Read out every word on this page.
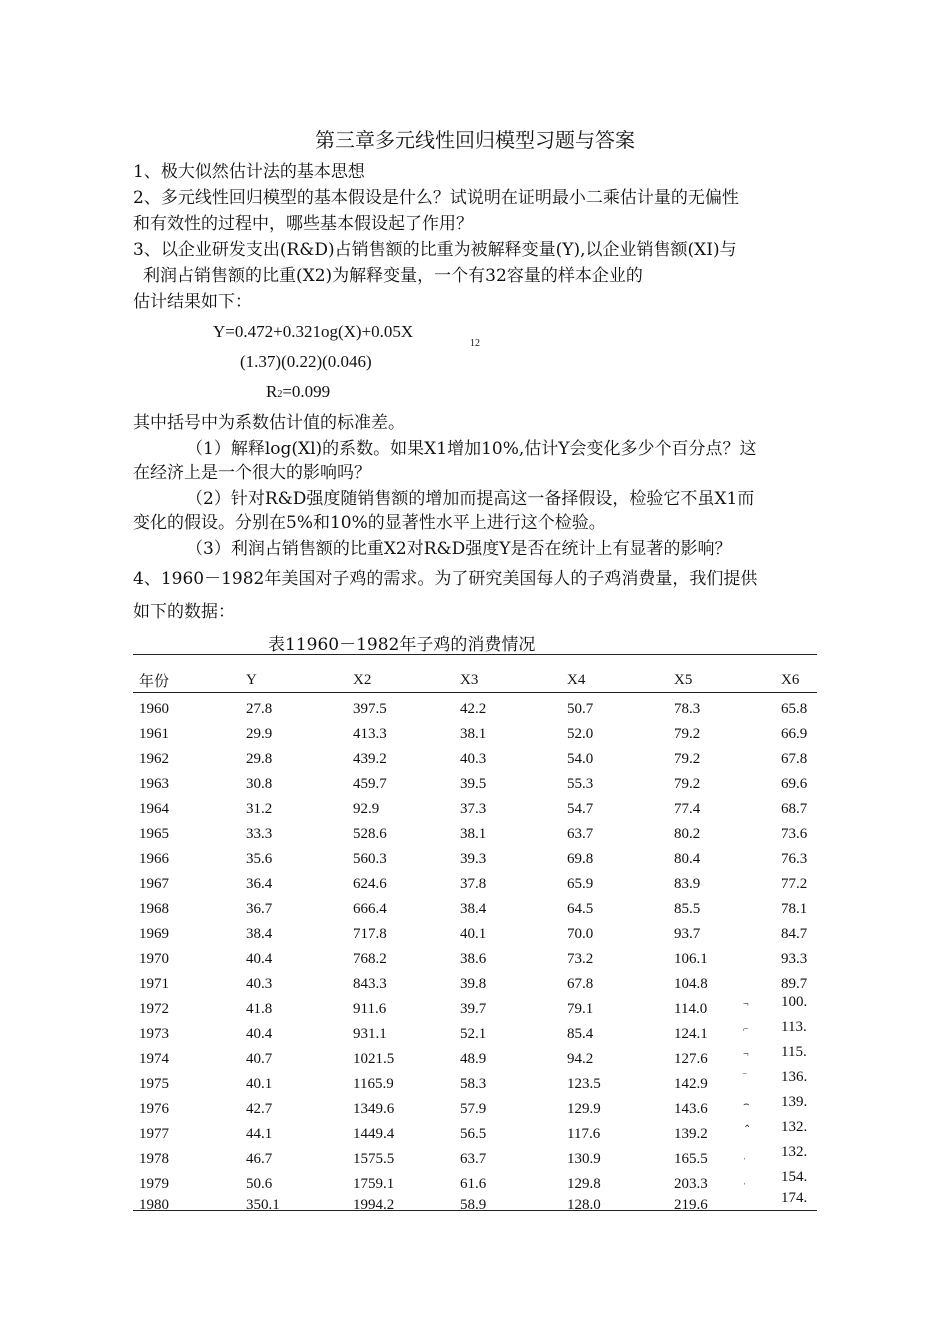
第三章多元线性回归模型习题与答案
1、极大似然估计法的基本思想
2、多元线性回归模型的基本假设是什么？试说明在证明最小二乘估计量的无偏性
和有效性的过程中，哪些基本假设起了作用？
3、以企业研发支出(R&D)占销售额的比重为被解释变量(Y),以企业销售额(XI)与
利润占销售额的比重(X2)为解释变量，一个有32容量的样本企业的
估计结果如下：
Y=0.472+0.321og(X)+0.05X
12
(1.37)(0.22)(0.046)
R2=0.099
其中括号中为系数估计值的标准差。
（1）解释log(Xl)的系数。如果X1增加10%,估计Y会变化多少个百分点？这
在经济上是一个很大的影响吗？
（2）针对R&D强度随销售额的增加而提高这一备择假设，检验它不虽X1而
变化的假设。分别在5%和10%的显著性水平上进行这个检验。
（3）利润占销售额的比重X2对R&D强度Y是否在统计上有显著的影响？
4、1960－1982年美国对子鸡的需求。为了研究美国每人的子鸡消费量，我们提供
如下的数据：
表11960－1982年子鸡的消费情况
年份	Y	X2	X3	X4	X5	X6

1960	27.8	397.5	42.2	50.7	78.3	65.8
1961	29.9	413.3	38.1	52.0	79.2	66.9
1962	29.8	439.2	40.3	54.0	79.2	67.8
1963	30.8	459.7	39.5	55.3	79.2	69.6
1964	31.2	92.9	37.3	54.7	77.4	68.7
1965	33.3	528.6	38.1	63.7	80.2	73.6
1966	35.6	560.3	39.3	69.8	80.4	76.3
1967	36.4	624.6	37.8	65.9	83.9	77.2
1968	36.7	666.4	38.4	64.5	85.5	78.1
1969	38.4	717.8	40.1	70.0	93.7	84.7
1970	40.4	768.2	38.6	73.2	106.1	93.3
1971	40.3	843.3	39.8	67.8	104.8	89.7
1972	41.8	911.6	39.7	79.1	114.0	¬ 100.
1973	40.4	931.1	52.1	85.4	124.1	⌐ 113.
1974	40.7	1021.5	48.9	94.2	127.6	¬ 115.
1975	40.1	1165.9	58.3	123.5	142.9	‾ 136.
1976	42.7	1349.6	57.9	129.9	143.6	⌢ 139.
1977	44.1	1449.4	56.5	117.6	139.2	⌃ 132.
1978	46.7	1575.5	63.7	130.9	165.5	ˌ 132.
1979	50.6	1759.1	61.6	129.8	203.3	ˌ 154.
1980	350.1	1994.2	58.9	128.0	219.6	174.
